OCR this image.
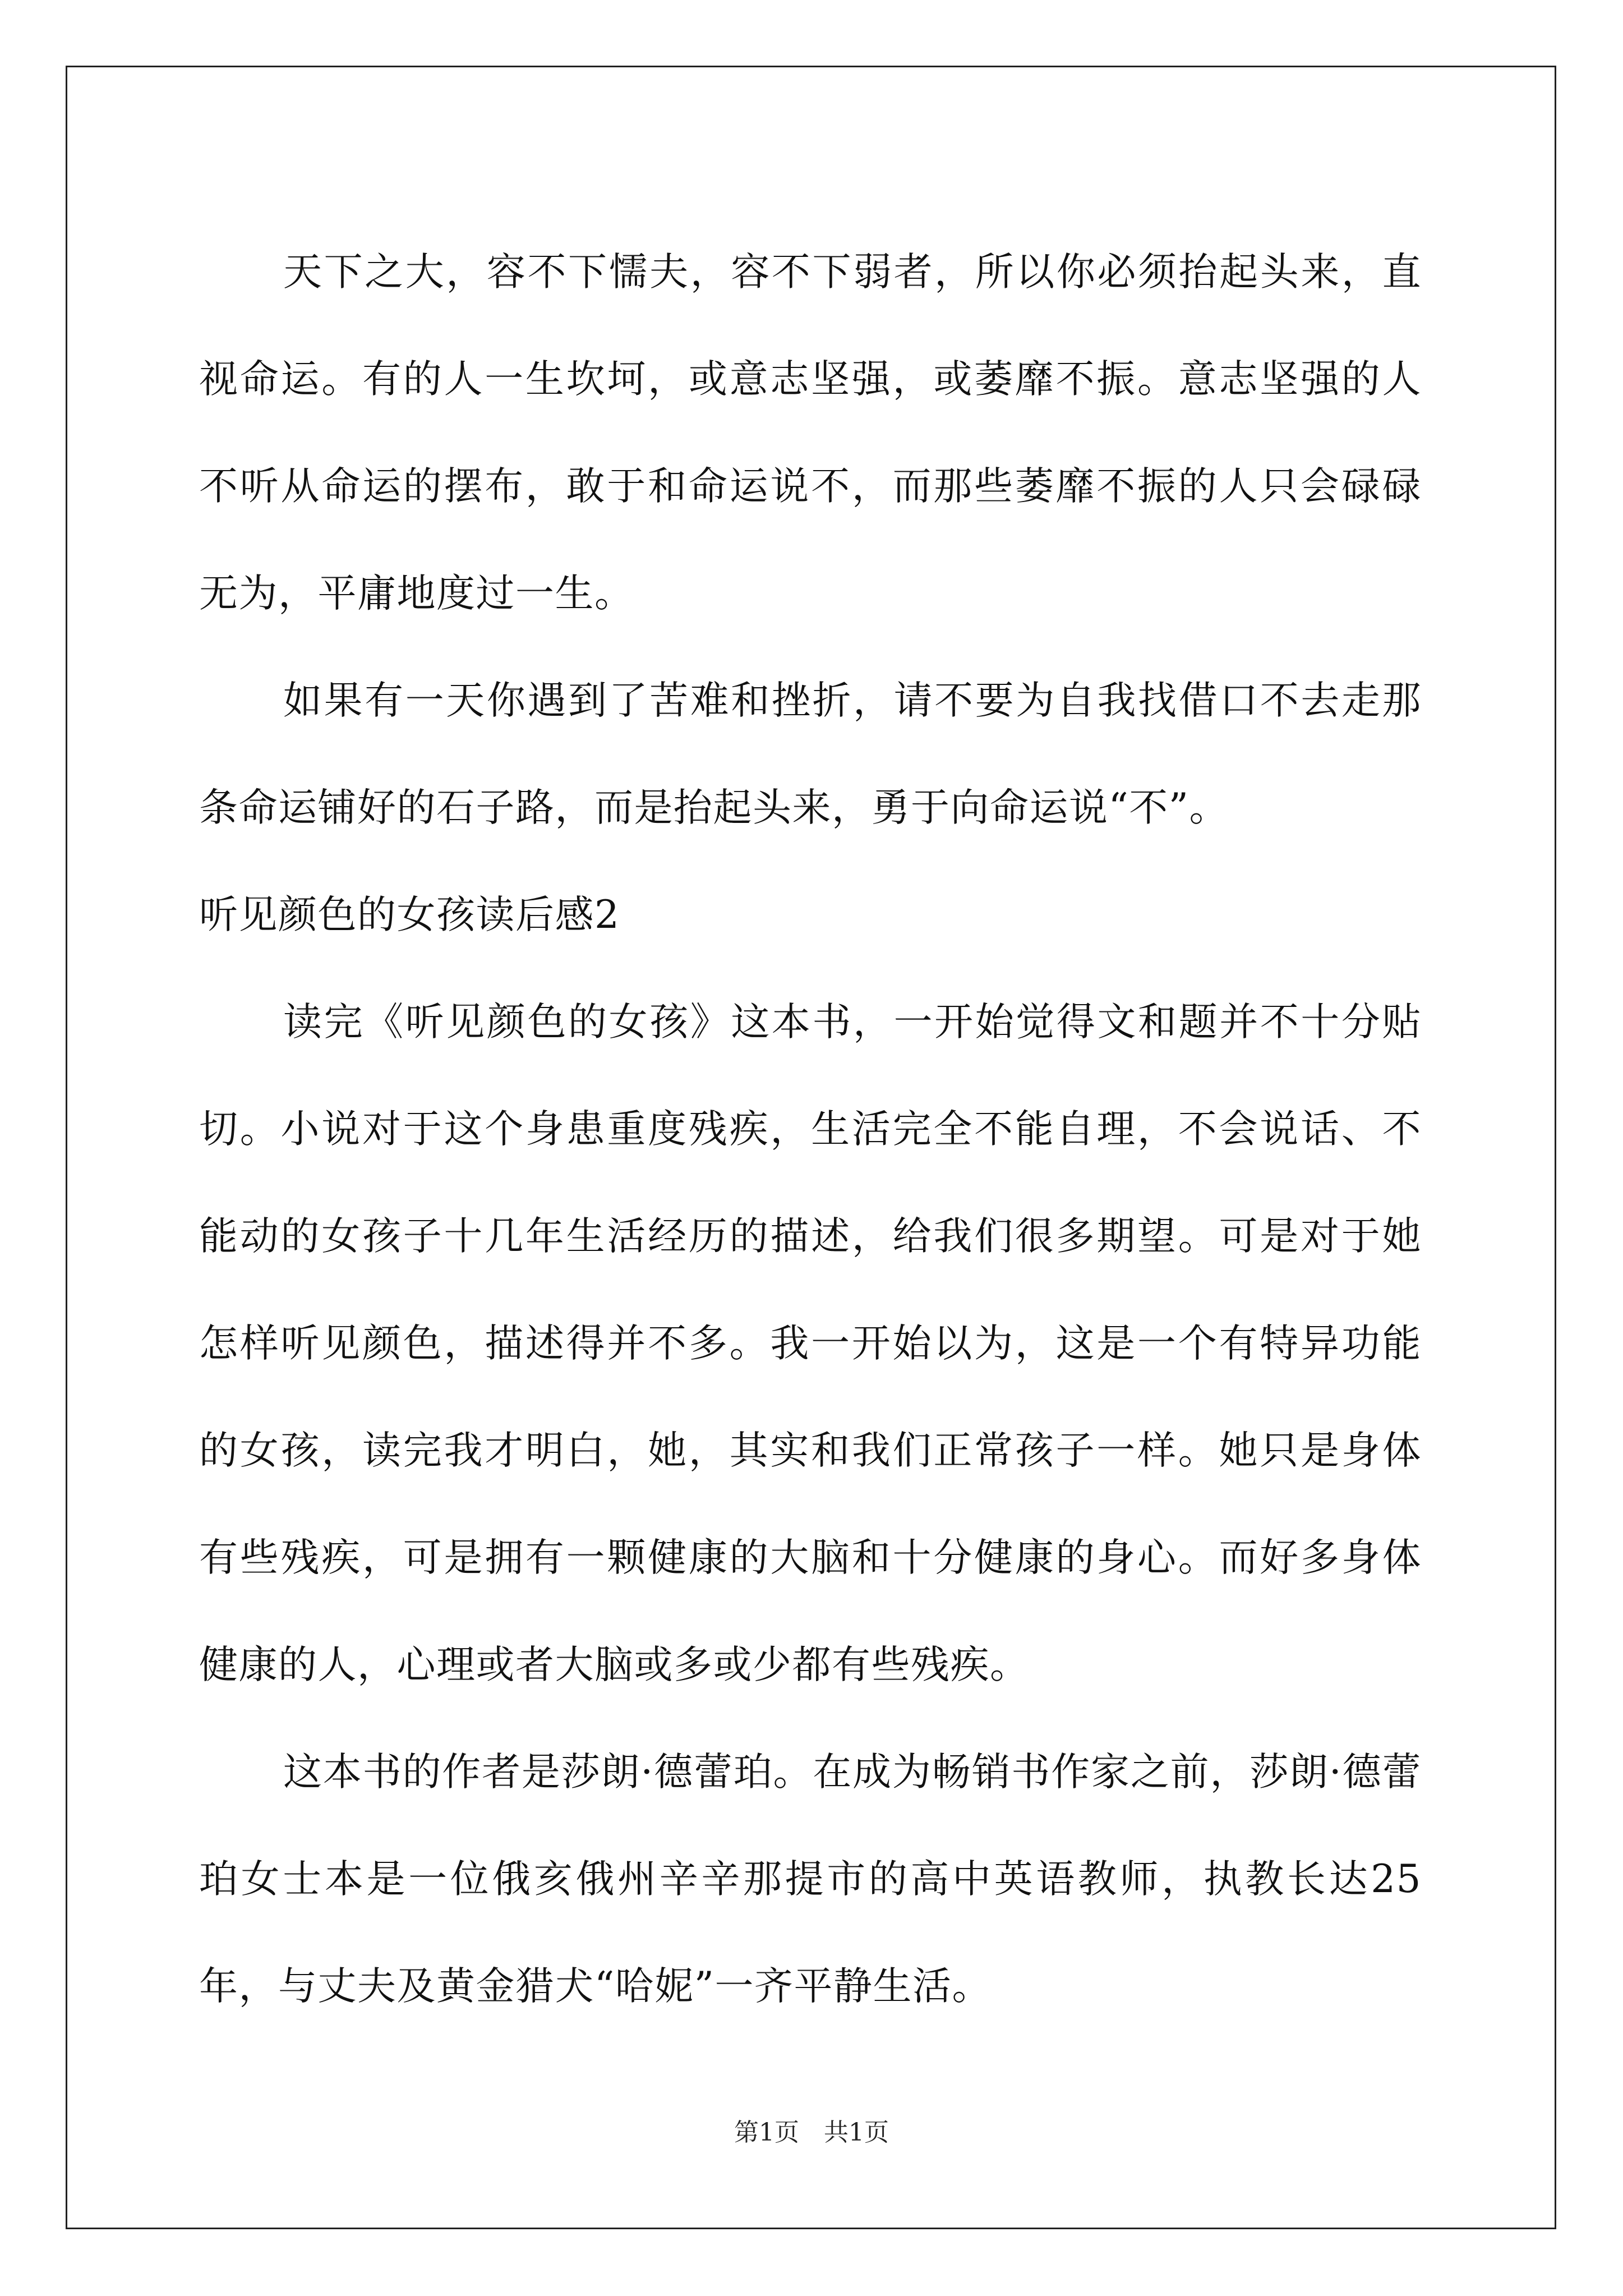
天下之大，容不下懦夫，容不下弱者，所以你必须抬起头来，直视命运。有的人一生坎坷，或意志坚强，或萎靡不振。意志坚强的人不听从命运的摆布，敢于和命运说不，而那些萎靡不振的人只会碌碌无为，平庸地度过一生。

如果有一天你遇到了苦难和挫折，请不要为自我找借口不去走那条命运铺好的石子路，而是抬起头来，勇于向命运说“不”。

听见颜色的女孩读后感2

读完《听见颜色的女孩》这本书，一开始觉得文和题并不十分贴切。小说对于这个身患重度残疾，生活完全不能自理，不会说话、不能动的女孩子十几年生活经历的描述，给我们很多期望。可是对于她怎样听见颜色，描述得并不多。我一开始以为，这是一个有特异功能的女孩，读完我才明白，她，其实和我们正常孩子一样。她只是身体有些残疾，可是拥有一颗健康的大脑和十分健康的身心。而好多身体健康的人，心理或者大脑或多或少都有些残疾。

这本书的作者是莎朗·德蕾珀。在成为畅销书作家之前，莎朗·德蕾珀女士本是一位俄亥俄州辛辛那提市的高中英语教师，执教长达25年，与丈夫及黄金猎犬“哈妮”一齐平静生活。

第1页　共1页
